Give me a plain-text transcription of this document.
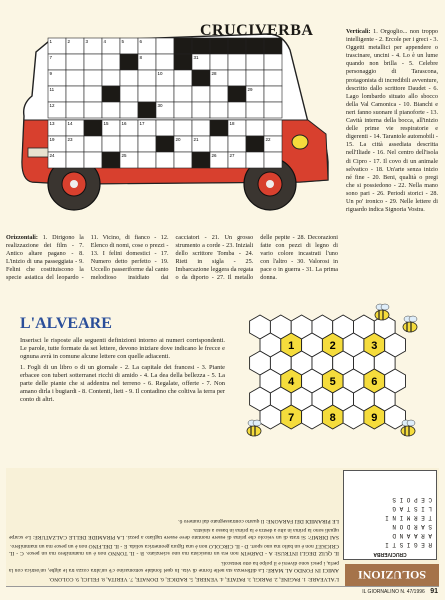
1	2	3	4	5	6
7	8	31
9	10	28
11	29
12	30
13	14	15	16	17	18
19	23	20	21	22
24	25	26	27
CRUCIVERBA	Verticali: 1. Orgoglio... non troppo intelligente - 2. Ercole per i greci - 3. Oggetti metallici per appendere o trascinare, uncini - 4. Lo è un lume quando non brilla - 5. Celebre personaggio di Tarascona, protagonista di incredibili avventure, descritto dallo scrittore Daudet - 6. Lago lombardo situato allo sbocco della Val Camonica - 10. Bianchi e neri fanno suonare il pianoforte - 13. Cavità interna della bocca, all'inizio delle prime vie respiratorie e digerenti - 14. Tarantole automobili - 15. La città assediata descritta nell'Iliade - 16. Nel centro dell'isola di Cipro - 17. Il covo di un animale selvatico - 18. Un'arte senza inizio né fine - 20. Beni, qualità o pregi che si possiedono - 22. Nella mano sono pari - 26. Periodi storici - 28. Un po' ironico - 29. Nelle lettere di riguardo indica Signoria Vostra.

Orizzontali: 1. Dirigono la realizzazione dei film - 7. Antico altare pagano - 8. L'inizio di una passeggiata - 9. Felini che costituiscono la specie asiatica del leopardo - 11. Vicino, di fianco - 12. Elenco di nomi, cose o prezzi - 13. I felini domestici - 17. Numero detto perfetto - 19. Uccello passeriforme dal canto melodioso insidiato dai cacciatori - 21. Un grosso strumento a corde - 23. Iniziali dello scrittore Tomba - 24. Rieti in sigla - 25. Imbarcazione leggera da regata o da diporto - 27. Il metallo delle pepite - 28. Decorazioni fatte con pezzi di legno di vario colore incastrati l'uno con l'altro - 30. Valorosi in pace o in guerra - 31. La prima donna.

L'ALVEARE

Inserisci le risposte alle seguenti definizioni intorno ai numeri corrispondenti. Le parole, tutte formate da sei lettere, devono iniziare dove indicano le frecce e ognuna avrà in comune alcune lettere con quelle adiacenti.

1. Fogli di un libro o di un giornale - 2. La capitale dei francesi - 3. Piante erbacee con tuberi sotterranei ricchi di amido - 4. La dea della bellezza - 5. La parte delle piante che si addentra nel terreno - 6. Regalate, offerte - 7. Non amano dirla i bugiardi - 8. Contenti, lieti - 9. Il contadino che coltiva la terra per conto di altri.

1	2	3
4	5	6
7	8	9
SOLUZIONI
CRUCIVERBA
R E G I S T I
A R A A N D
S A R D O N
T E R M I N I
L I S T A G
C E P O I S

L'ALVEARE: 1. PAGINE, 2. PARIGI, 3. PATATE, 4. VENERE, 5. RADICE, 6. DONATE, 7. VERITA, 8. FELICI, 9. COLONO.

AMICI IN FONDO AL MARE: La differenza sta nelle forme di vita. In quel fondale sottomarino c'è un'altra cozza tra le alghe, un'ostrica con la perla, i pesci sono diversi e il polpo ha otto tentacoli.

IL QUIZ DEGLI INTRUSI: A - DARWIN non era un musicista ma uno scienziato. B - IL TONNO non è un mammifero ma un pesce. C - IL CRICKET non è un ballo ma uno sport. D - IL CIRCOLO non è una figura geometrica solida. E - IL DELFINO non è un pesce ma un mammifero.

SAI DIRMI?: Si trata di un veicolo che prima di essere montato deve essere tagliato a pezzi. LA PIRAMIDE DELLE CALZATURE: Le scarpe uguali sono la prima in alto a destra e la prima in basso a sinistra.

LE PIRAMIDI DEI FARAONE: Il quarto contrassegnato dal numero 6.

IL GIORNALINO N. 47/1996 91
